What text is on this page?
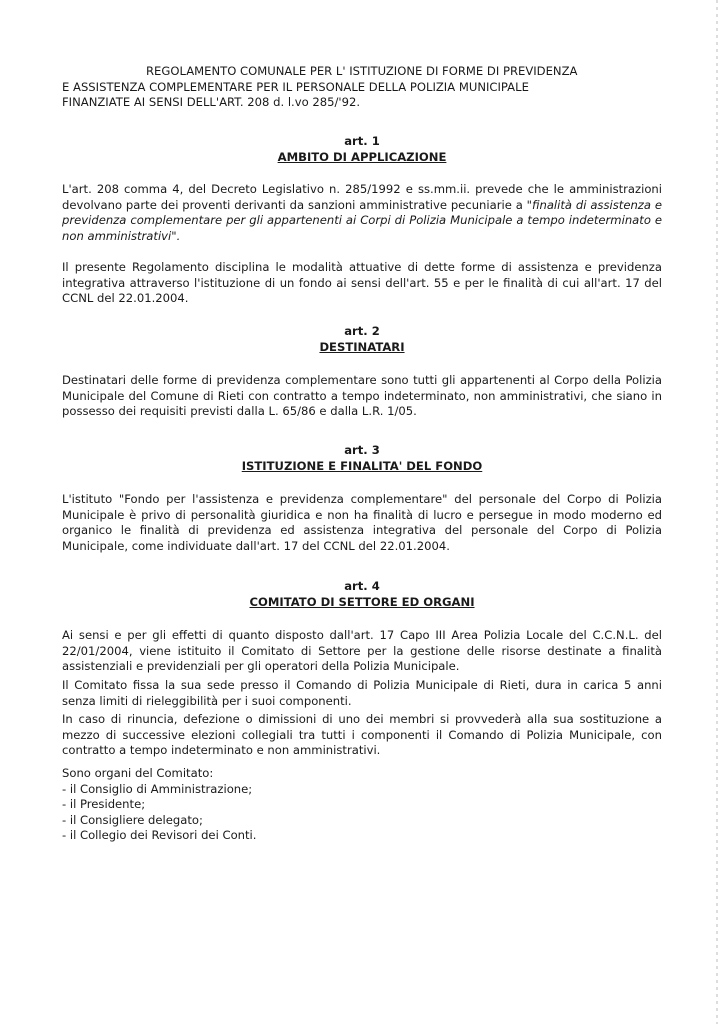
REGOLAMENTO COMUNALE PER L' ISTITUZIONE DI FORME DI PREVIDENZA
E ASSISTENZA COMPLEMENTARE PER IL PERSONALE DELLA POLIZIA MUNICIPALE
FINANZIATE AI SENSI DELL'ART. 208 d. l.vo 285/'92.
art. 1
AMBITO DI APPLICAZIONE
L'art. 208 comma 4, del Decreto Legislativo n. 285/1992 e ss.mm.ii. prevede che le amministrazioni devolvano parte dei proventi derivanti da sanzioni amministrative pecuniarie a "finalità di assistenza e previdenza complementare per gli appartenenti ai Corpi di Polizia Municipale a tempo indeterminato e non amministrativi".
Il presente Regolamento disciplina le modalità attuative di dette forme di assistenza e previdenza integrativa attraverso l'istituzione di un fondo ai sensi dell'art. 55 e per le finalità di cui all'art. 17 del CCNL del 22.01.2004.
art. 2
DESTINATARI
Destinatari delle forme di previdenza complementare sono tutti gli appartenenti al Corpo della Polizia Municipale del Comune di Rieti con contratto a tempo indeterminato, non amministrativi, che siano in possesso dei requisiti previsti dalla L. 65/86 e dalla L.R. 1/05.
art. 3
ISTITUZIONE E FINALITA' DEL FONDO
L'istituto "Fondo per l'assistenza e previdenza complementare" del personale del Corpo di Polizia Municipale è privo di personalità giuridica e non ha finalità di lucro e persegue in modo moderno ed organico le finalità di previdenza ed assistenza integrativa del personale del Corpo di Polizia Municipale, come individuate dall'art. 17 del CCNL del 22.01.2004.
art. 4
COMITATO DI SETTORE ED ORGANI
Ai sensi e per gli effetti di quanto disposto dall'art. 17 Capo III Area Polizia Locale del C.C.N.L. del 22/01/2004, viene istituito il Comitato di Settore per la gestione delle risorse destinate a finalità assistenziali e previdenziali per gli operatori della Polizia Municipale.
Il Comitato fissa la sua sede presso il Comando di Polizia Municipale di Rieti, dura in carica 5 anni senza limiti di rieleggibilità per i suoi componenti.
In caso di rinuncia, defezione o dimissioni di uno dei membri si provvederà alla sua sostituzione a mezzo di successive elezioni collegiali tra tutti i componenti il Comando di Polizia Municipale, con contratto a tempo indeterminato e non amministrativi.
Sono organi del Comitato:
- il Consiglio di Amministrazione;
- il Presidente;
- il Consigliere delegato;
- il Collegio dei Revisori dei Conti.
